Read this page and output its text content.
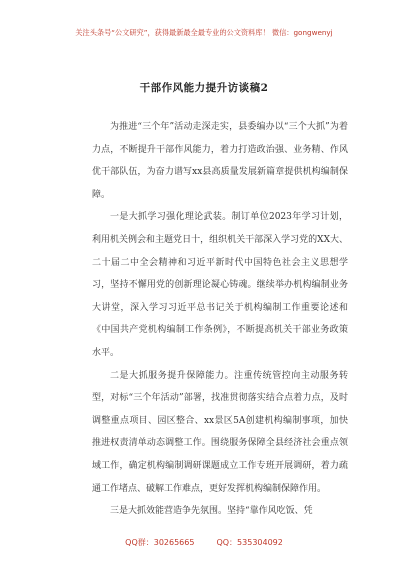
关注头条号“公文研究”，获得最新最全最专业的公文资料库！ 微信：gongwenyj
干部作风能力提升访谈稿2

为推进“三个年”活动走深走实，县委编办以“三个大抓”为着力点，不断提升干部作风能力，着力打造政治强、业务精、作风优干部队伍，为奋力谱写xx县高质量发展新篇章提供机构编制保障。

一是大抓学习强化理论武装。制订单位2023年学习计划，利用机关例会和主题党日十，组织机关干部深入学习党的XX大、二十届二中全会精神和习近平新时代中国特色社会主义思想学习，坚持不懈用党的创新理论凝心铸魂。继续举办机构编制业务大讲堂，深入学习习近平总书记关于机构编制工作重要论述和《中国共产党机构编制工作条例》，不断提高机关干部业务政策水平。

二是大抓服务提升保障能力。注重传统管控向主动服务转型，对标“三个年活动”部署，找准贯彻落实结合点着力点，及时调整重点项目、园区整合、xx景区5A创建机构编制事项，加快推进权责清单动态调整工作。围绕服务保障全县经济社会重点领域工作，确定机构编制调研课题成立工作专班开展调研，着力疏通工作堵点、破解工作难点，更好发挥机构编制保障作用。

三是大抓效能营造争先氛围。坚持“靠作风吃饭、凭

QQ群：30265665	QQ：535304092
